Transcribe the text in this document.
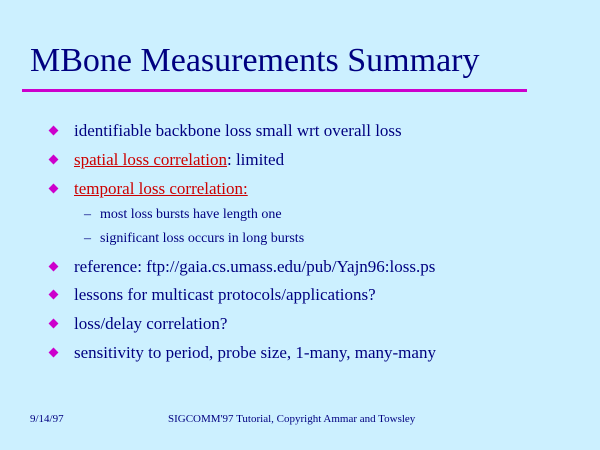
MBone Measurements Summary
identifiable backbone loss small wrt overall loss
spatial loss correlation: limited
temporal loss correlation:
– most loss bursts have length one
– significant loss occurs in long bursts
reference: ftp://gaia.cs.umass.edu/pub/Yajn96:loss.ps
lessons for multicast protocols/applications?
loss/delay correlation?
sensitivity to period, probe size, 1-many, many-many
9/14/97	SIGCOMM'97 Tutorial, Copyright Ammar and Towsley
